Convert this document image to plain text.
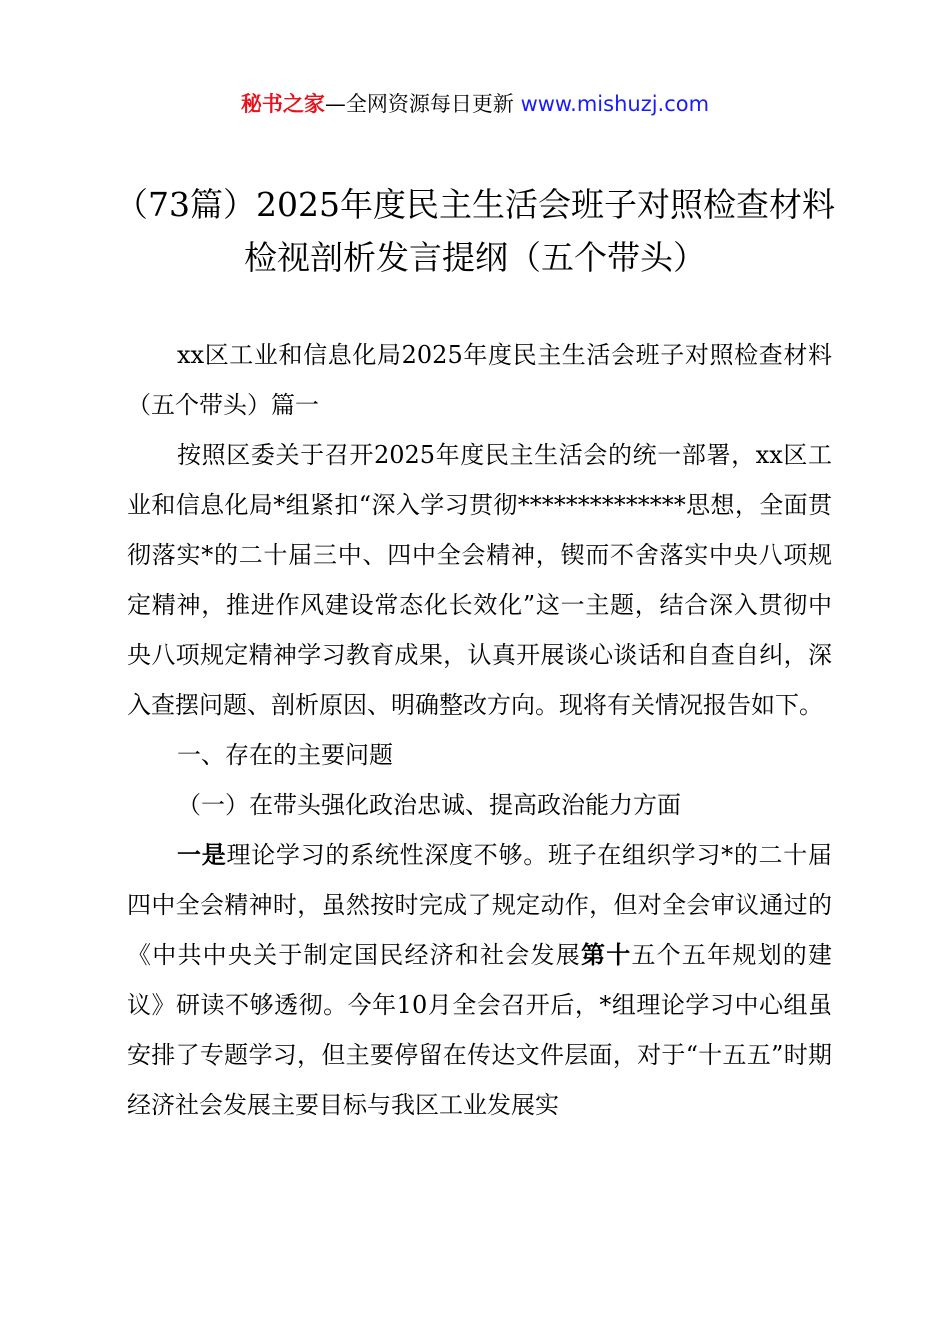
秘书之家—全网资源每日更新 www.mishuzj.com
（73篇）2025年度民主生活会班子对照检查材料检视剖析发言提纲（五个带头）

xx区工业和信息化局2025年度民主生活会班子对照检查材料（五个带头）篇一

按照区委关于召开2025年度民主生活会的统一部署，xx区工业和信息化局*组紧扣“深入学习贯彻**************思想，全面贯彻落实*的二十届三中、四中全会精神，锲而不舍落实中央八项规定精神，推进作风建设常态化长效化”这一主题，结合深入贯彻中央八项规定精神学习教育成果，认真开展谈心谈话和自查自纠，深入查摆问题、剖析原因、明确整改方向。现将有关情况报告如下。

一、存在的主要问题

（一）在带头强化政治忠诚、提高政治能力方面

一是理论学习的系统性深度不够。班子在组织学习*的二十届四中全会精神时，虽然按时完成了规定动作，但对全会审议通过的《中共中央关于制定国民经济和社会发展第十五个五年规划的建议》研读不够透彻。今年10月全会召开后，*组理论学习中心组虽安排了专题学习，但主要停留在传达文件层面，对于“十五五”时期经济社会发展主要目标与我区工业发展实
